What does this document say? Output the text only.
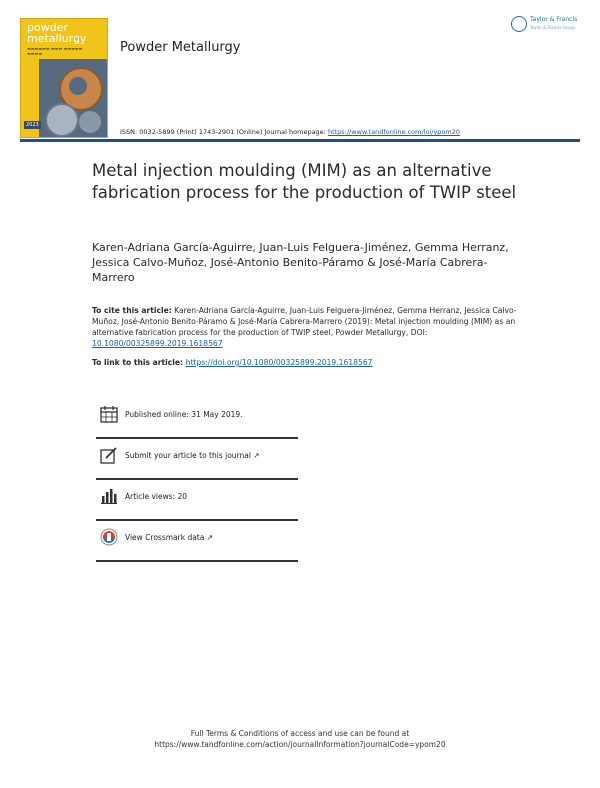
powder
metallurgy
▬▬▬▬▬▬ ▬▬▬ ▬▬▬▬▬ ▬▬▬▬
2023
Powder Metallurgy
Taylor & Francis
Taylor & Francis Group
ISSN: 0032-5899 (Print) 1743-2901 (Online) Journal homepage: https://www.tandfonline.com/loi/ypom20
Metal injection moulding (MIM) as an alternative fabrication process for the production of TWIP steel
Karen-Adriana García-Aguirre, Juan-Luis Felguera-Jiménez, Gemma Herranz, Jessica Calvo-Muñoz, José-Antonio Benito-Páramo & José-María Cabrera-Marrero
To cite this article: Karen-Adriana García-Aguirre, Juan-Luis Felguera-Jiménez, Gemma Herranz, Jessica Calvo-Muñoz, José-Antonio Benito-Páramo & José-María Cabrera-Marrero (2019): Metal injection moulding (MIM) as an alternative fabrication process for the production of TWIP steel, Powder Metallurgy, DOI: 10.1080/00325899.2019.1618567
To link to this article: https://doi.org/10.1080/00325899.2019.1618567
Published online: 31 May 2019.
Submit your article to this journal ↗
Article views: 20
View Crossmark data ↗
Full Terms & Conditions of access and use can be found at
https://www.tandfonline.com/action/journalInformation?journalCode=ypom20
